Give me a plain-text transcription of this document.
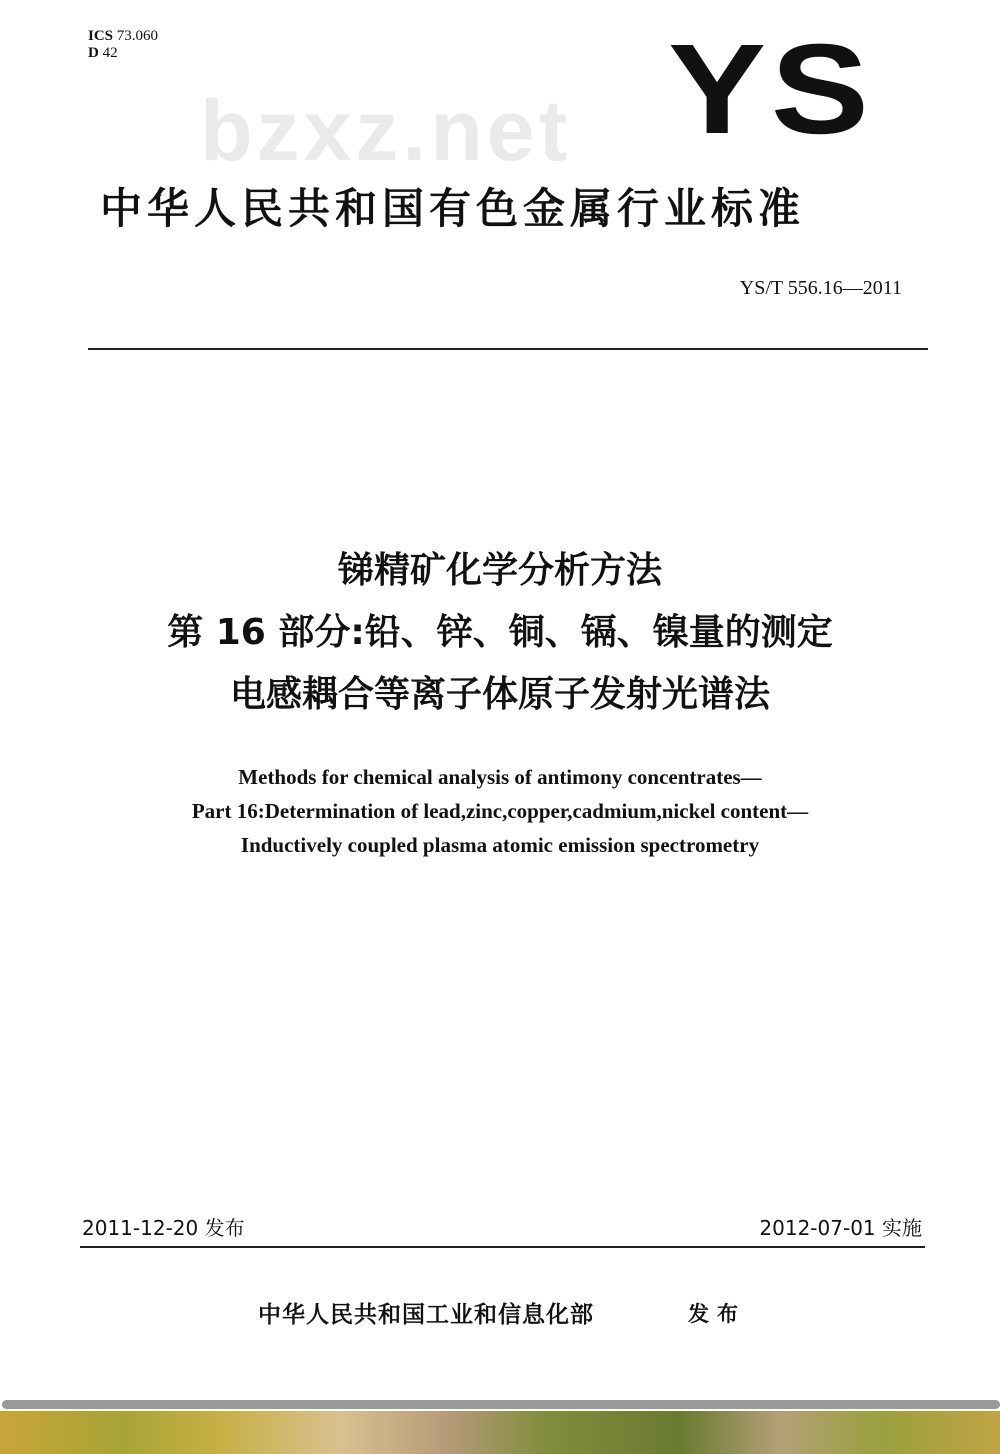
ICS 73.060
D 42	YS
bzxz.net
中华人民共和国有色金属行业标准
YS/T 556.16—2011
锑精矿化学分析方法
第 16 部分:铅、锌、铜、镉、镍量的测定
电感耦合等离子体原子发射光谱法
Methods for chemical analysis of antimony concentrates—
Part 16:Determination of lead,zinc,copper,cadmium,nickel content—
Inductively coupled plasma atomic emission spectrometry
2011-12-20 发布	2012-07-01 实施
中华人民共和国工业和信息化部	发布
